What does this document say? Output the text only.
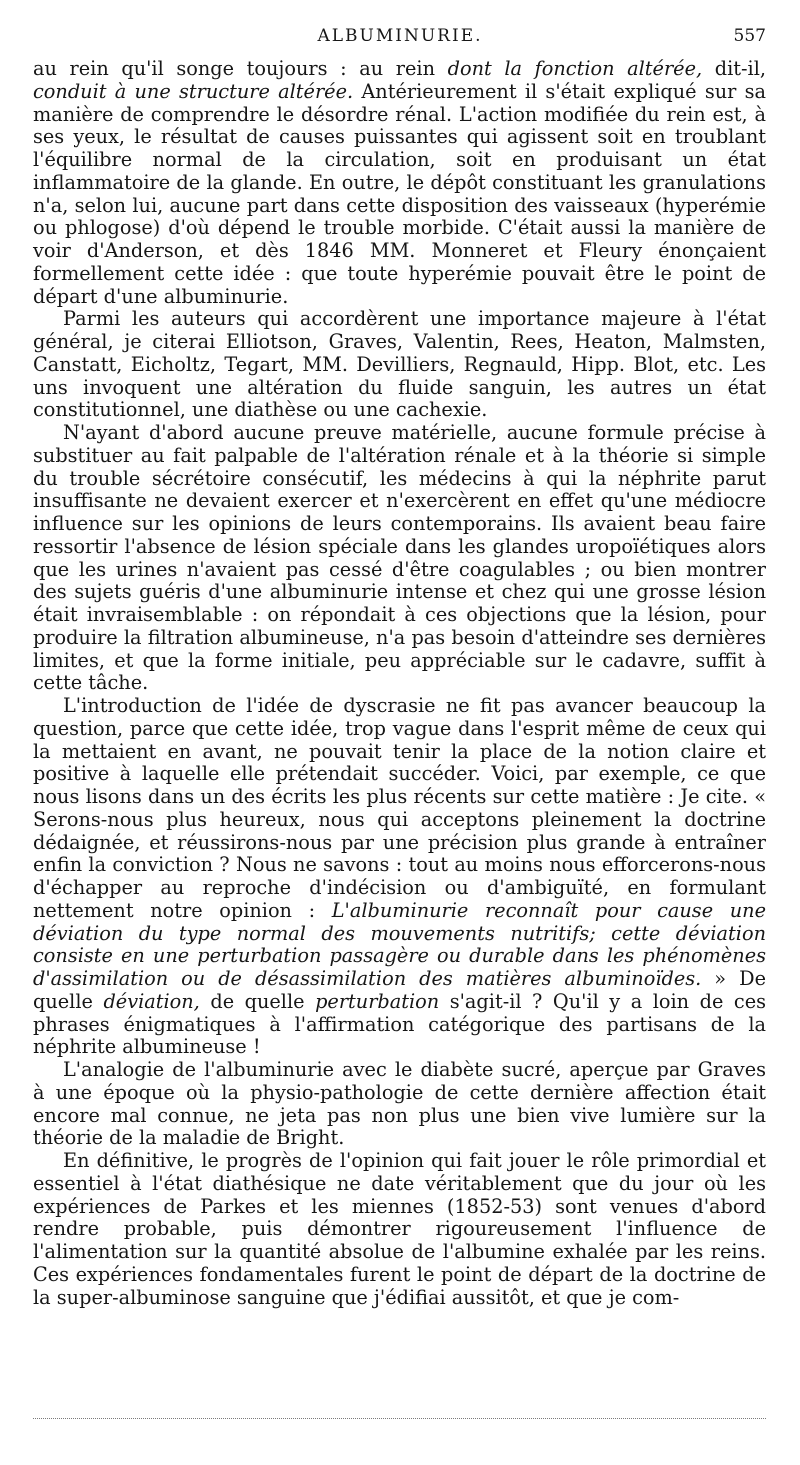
ALBUMINURIE.	557

au rein qu'il songe toujours : au rein dont la fonction altérée, dit-il, conduit à une structure altérée. Antérieurement il s'était expliqué sur sa manière de comprendre le désordre rénal. L'action modifiée du rein est, à ses yeux, le résultat de causes puissantes qui agissent soit en troublant l'équilibre normal de la circulation, soit en produisant un état inflammatoire de la glande. En outre, le dépôt constituant les granulations n'a, selon lui, aucune part dans cette disposition des vaisseaux (hyperémie ou phlogose) d'où dépend le trouble morbide. C'était aussi la manière de voir d'Anderson, et dès 1846 MM. Monneret et Fleury énonçaient formellement cette idée : que toute hyperémie pouvait être le point de départ d'une albuminurie.

Parmi les auteurs qui accordèrent une importance majeure à l'état général, je citerai Elliotson, Graves, Valentin, Rees, Heaton, Malmsten, Canstatt, Eicholtz, Tegart, MM. Devilliers, Regnauld, Hipp. Blot, etc. Les uns invoquent une altération du fluide sanguin, les autres un état constitutionnel, une diathèse ou une cachexie.

N'ayant d'abord aucune preuve matérielle, aucune formule précise à substituer au fait palpable de l'altération rénale et à la théorie si simple du trouble sécrétoire consécutif, les médecins à qui la néphrite parut insuffisante ne devaient exercer et n'exercèrent en effet qu'une médiocre influence sur les opinions de leurs contemporains. Ils avaient beau faire ressortir l'absence de lésion spéciale dans les glandes uropoïétiques alors que les urines n'avaient pas cessé d'être coagulables ; ou bien montrer des sujets guéris d'une albuminurie intense et chez qui une grosse lésion était invraisemblable : on répondait à ces objections que la lésion, pour produire la filtration albumineuse, n'a pas besoin d'atteindre ses dernières limites, et que la forme initiale, peu appréciable sur le cadavre, suffit à cette tâche.

L'introduction de l'idée de dyscrasie ne fit pas avancer beaucoup la question, parce que cette idée, trop vague dans l'esprit même de ceux qui la mettaient en avant, ne pouvait tenir la place de la notion claire et positive à laquelle elle prétendait succéder. Voici, par exemple, ce que nous lisons dans un des écrits les plus récents sur cette matière : Je cite. « Serons-nous plus heureux, nous qui acceptons pleinement la doctrine dédaignée, et réussirons-nous par une précision plus grande à entraîner enfin la conviction ? Nous ne savons : tout au moins nous efforcerons-nous d'échapper au reproche d'indécision ou d'ambiguïté, en formulant nettement notre opinion : L'albuminurie reconnaît pour cause une déviation du type normal des mouvements nutritifs; cette déviation consiste en une perturbation passagère ou durable dans les phénomènes d'assimilation ou de désassimilation des matières albuminoïdes. » De quelle déviation, de quelle perturbation s'agit-il ? Qu'il y a loin de ces phrases énigmatiques à l'affirmation catégorique des partisans de la néphrite albumineuse !

L'analogie de l'albuminurie avec le diabète sucré, aperçue par Graves à une époque où la physio-pathologie de cette dernière affection était encore mal connue, ne jeta pas non plus une bien vive lumière sur la théorie de la maladie de Bright.

En définitive, le progrès de l'opinion qui fait jouer le rôle primordial et essentiel à l'état diathésique ne date véritablement que du jour où les expériences de Parkes et les miennes (1852-53) sont venues d'abord rendre probable, puis démontrer rigoureusement l'influence de l'alimentation sur la quantité absolue de l'albumine exhalée par les reins. Ces expériences fondamentales furent le point de départ de la doctrine de la super-albuminose sanguine que j'édifiai aussitôt, et que je com-
